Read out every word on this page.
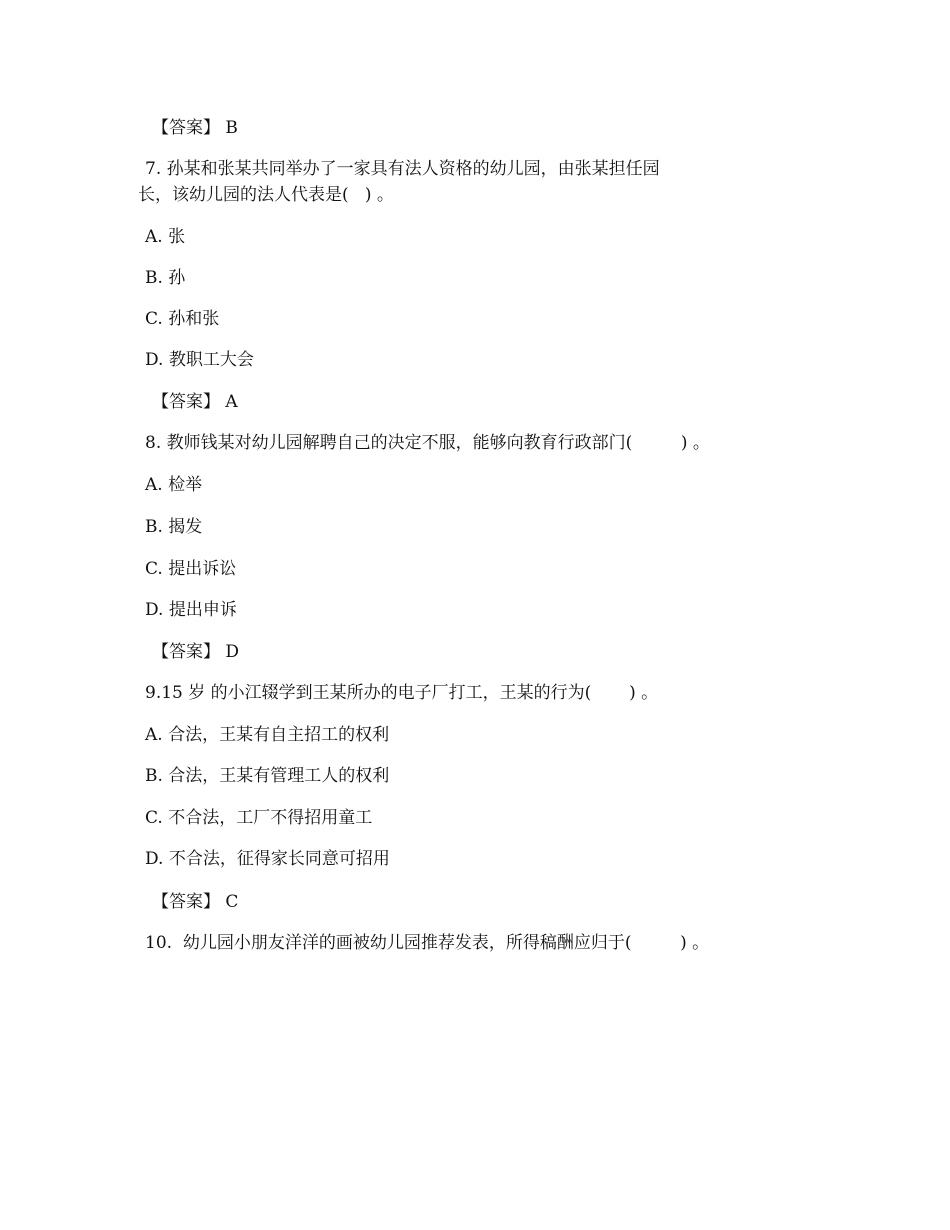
【答案】 B
7. 孙某和张某共同举办了一家具有法人资格的幼儿园，由张某担任园
长，该幼儿园的法人代表是(   ) 。
A. 张
B. 孙
C. 孙和张
D. 教职工大会
【答案】 A
8. 教师钱某对幼儿园解聘自己的决定不服，能够向教育行政部门(         ) 。
A. 检举
B. 揭发
C. 提出诉讼
D. 提出申诉
【答案】 D
9.15 岁 的小江辍学到王某所办的电子厂打工，王某的行为(       ) 。
A. 合法，王某有自主招工的权利
B. 合法，王某有管理工人的权利
C. 不合法，工厂不得招用童工
D. 不合法，征得家长同意可招用
【答案】 C
10.  幼儿园小朋友洋洋的画被幼儿园推荐发表，所得稿酬应归于(         ) 。
